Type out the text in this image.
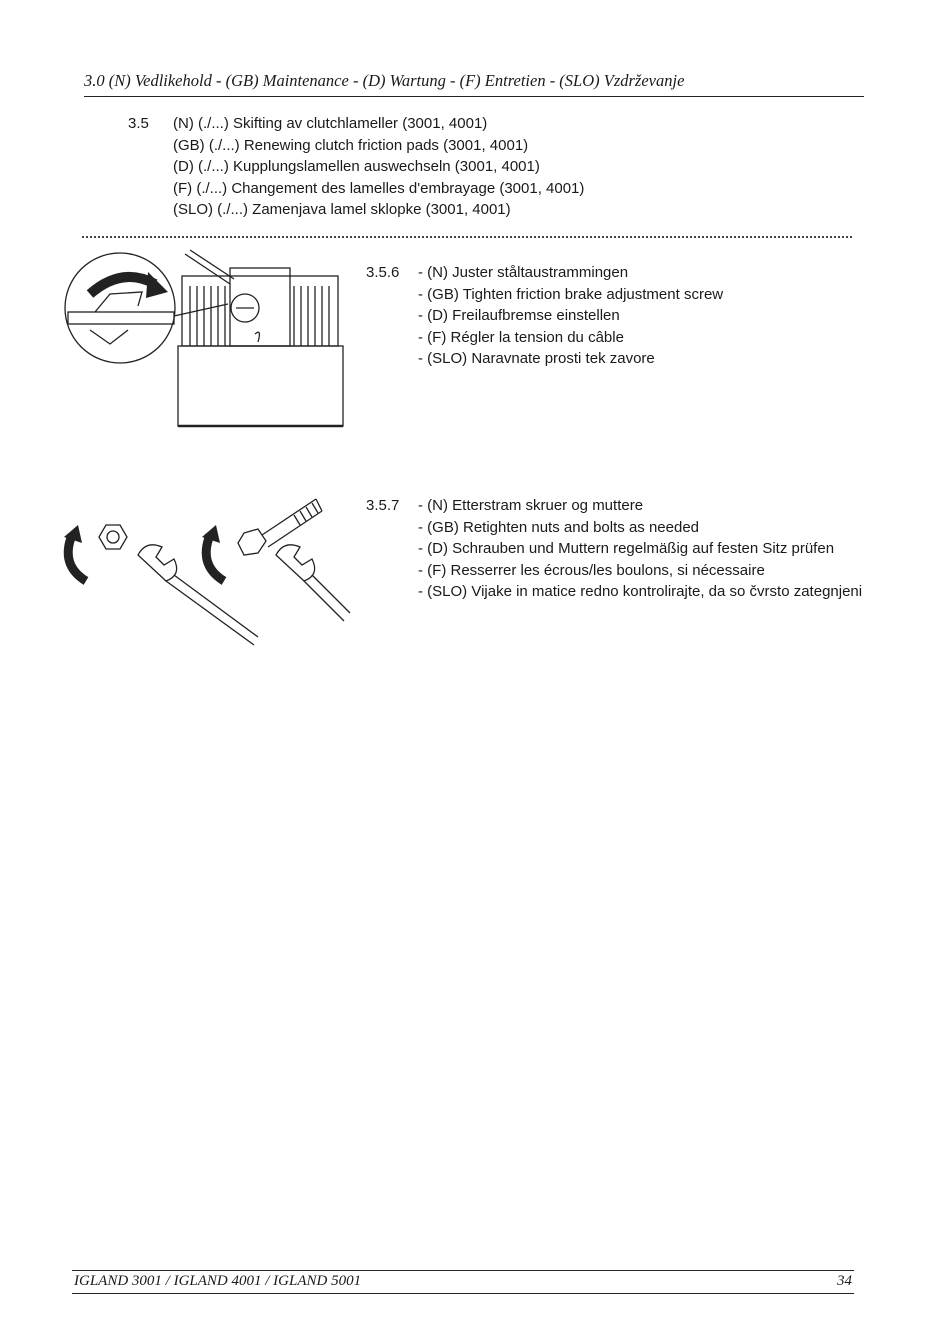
3.0 (N) Vedlikehold - (GB) Maintenance - (D) Wartung - (F) Entretien - (SLO) Vzdrževanje
3.5 (N) (./...) Skifting av clutchlameller (3001, 4001)
(GB) (./...) Renewing clutch friction pads (3001, 4001)
(D) (./...) Kupplungslamellen auswechseln (3001, 4001)
(F) (./...) Changement des lamelles d'embrayage (3001, 4001)
(SLO) (./...) Zamenjava lamel sklopke (3001, 4001)
3.5.6 - (N) Juster ståltaustrammingen
- (GB) Tighten friction brake adjustment screw
- (D) Freilaufbremse einstellen
- (F) Régler la tension du câble
- (SLO) Naravnate prosti tek zavore
3.5.7 - (N) Etterstram skruer og muttere
- (GB) Retighten nuts and bolts as needed
- (D) Schrauben und Muttern regelmäßig auf festen Sitz prüfen
- (F) Resserrer les écrous/les boulons, si nécessaire
- (SLO) Vijake in matice redno kontrolirajte, da so čvrsto zategnjeni
IGLAND 3001 / IGLAND 4001 / IGLAND 5001	34
